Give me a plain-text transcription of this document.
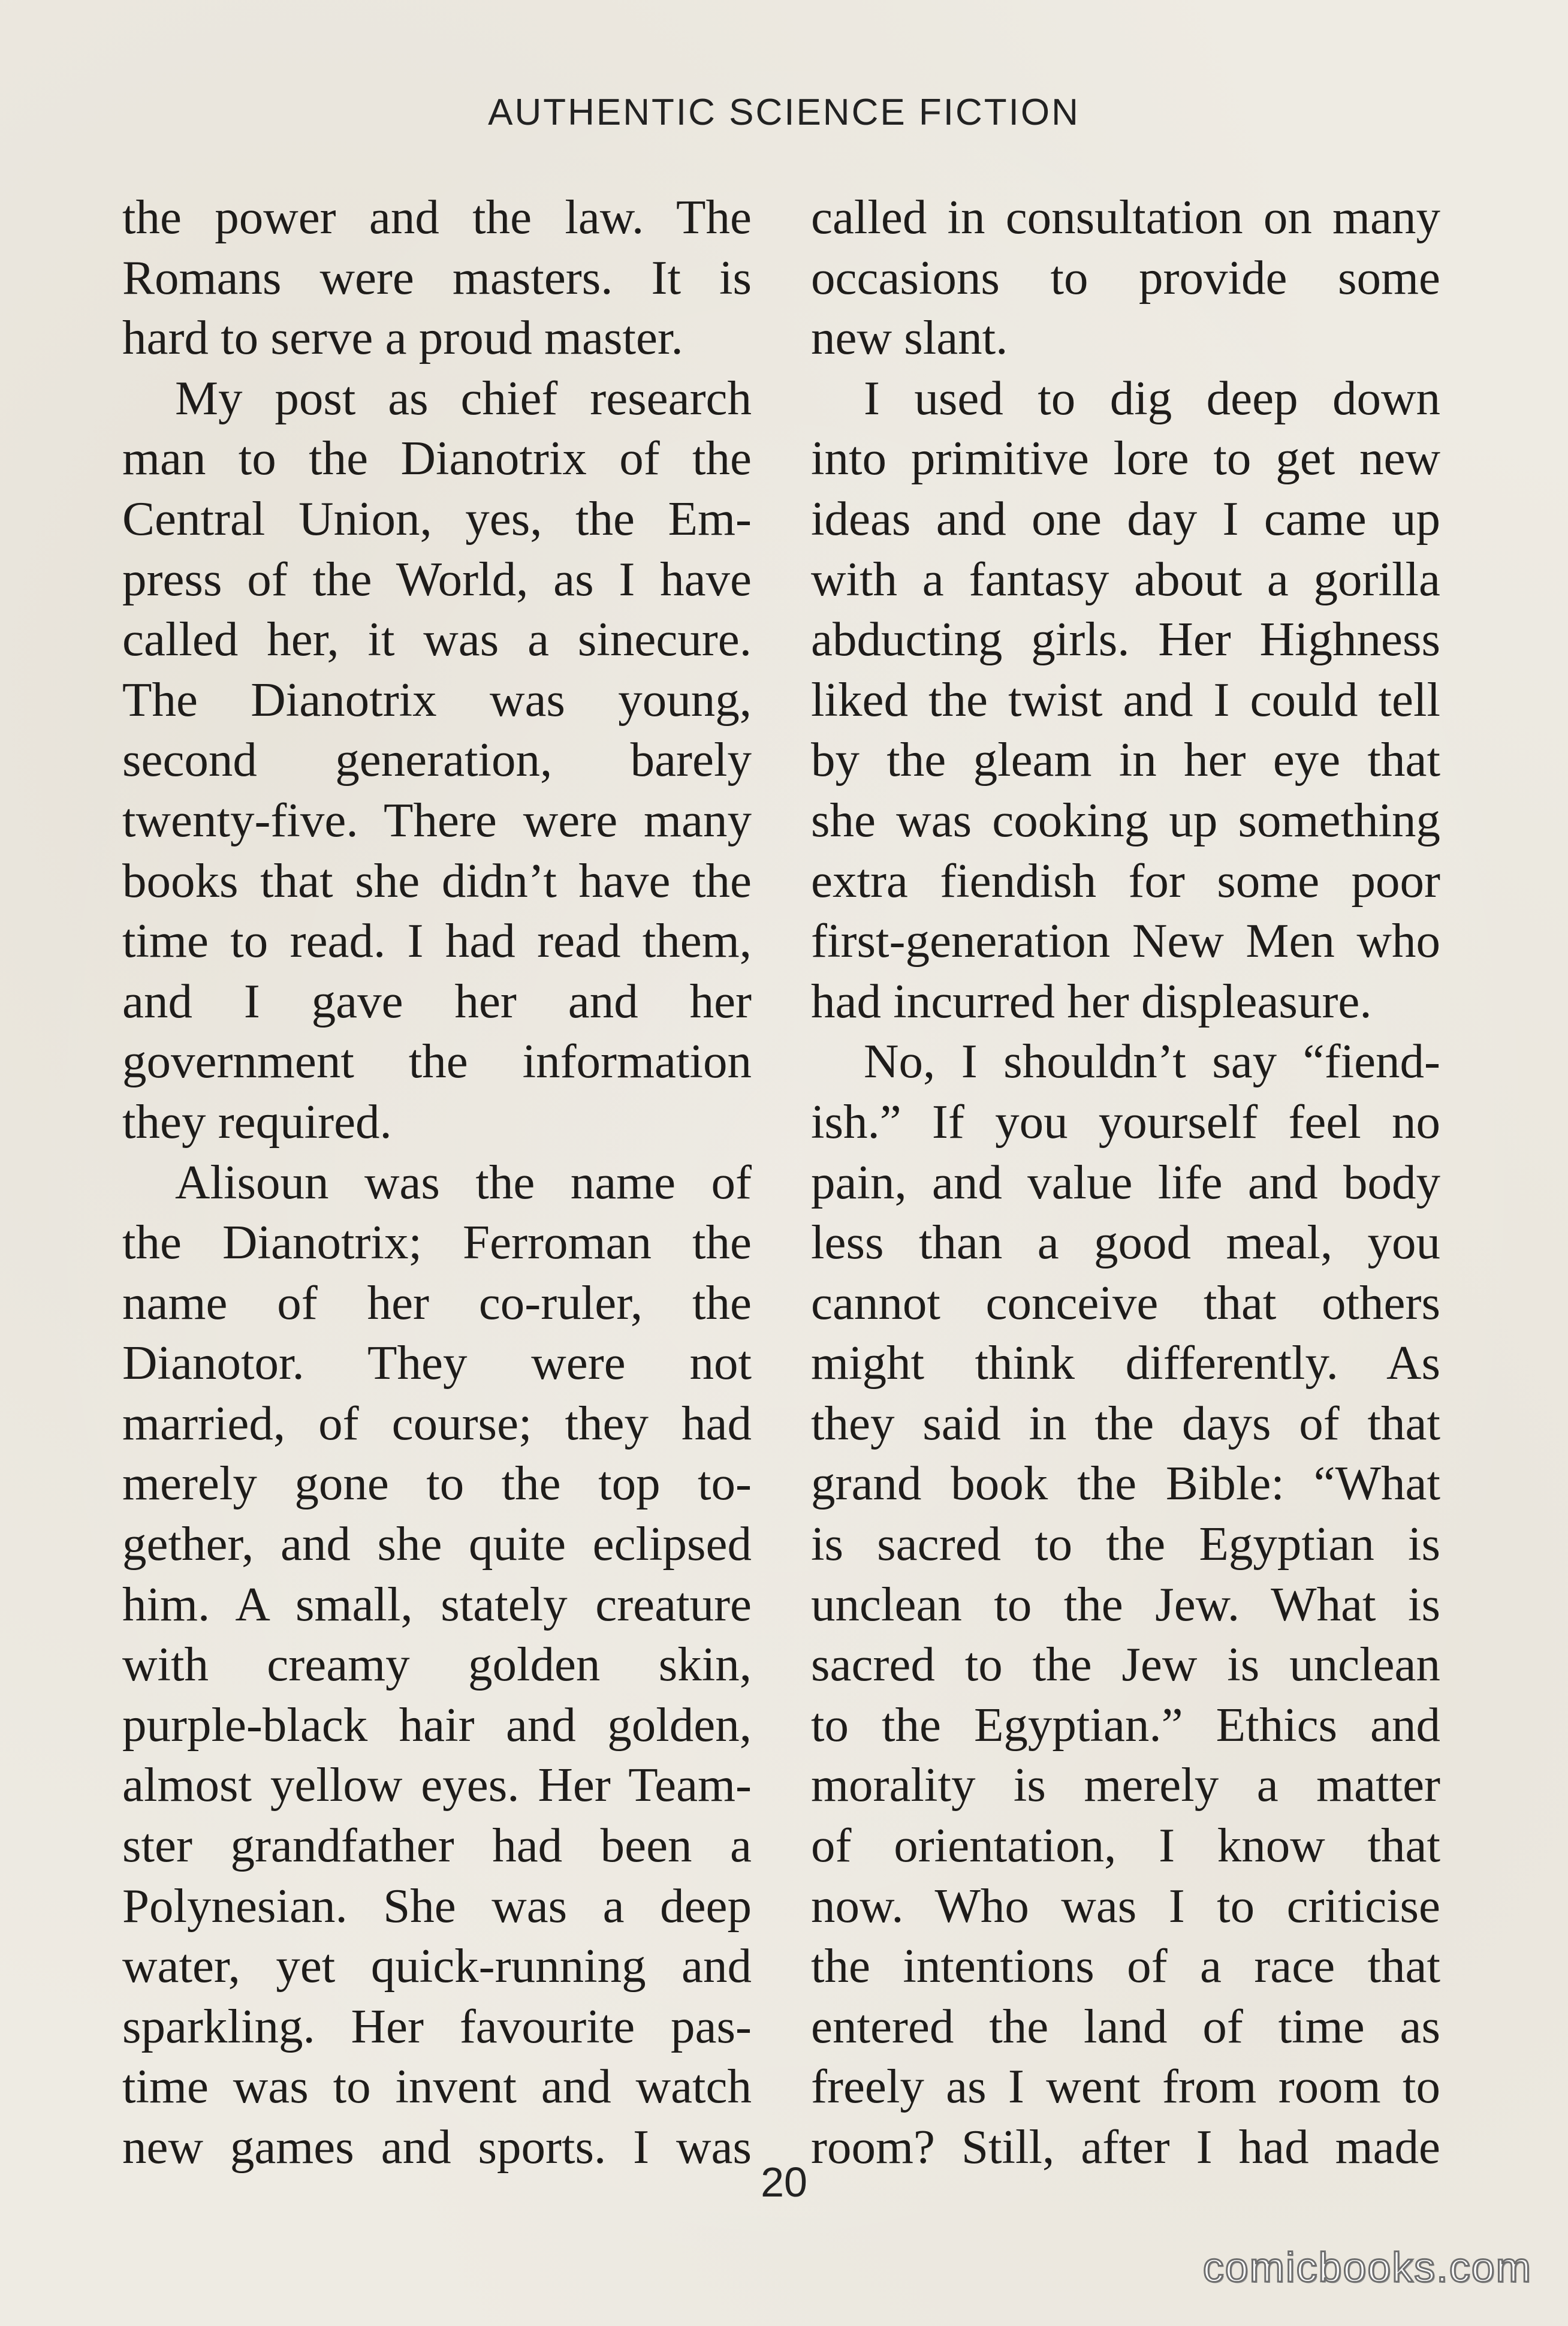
AUTHENTIC SCIENCE FICTION
the power and the law. The
Romans were masters. It is
hard to serve a proud master.
My post as chief research
man to the Dianotrix of the
Central Union, yes, the Em-
press of the World, as I have
called her, it was a sinecure.
The Dianotrix was young,
second generation, barely
twenty-five. There were many
books that she didn’t have the
time to read. I had read them,
and I gave her and her
government the information
they required.
Alisoun was the name of
the Dianotrix; Ferroman the
name of her co-ruler, the
Dianotor. They were not
married, of course; they had
merely gone to the top to-
gether, and she quite eclipsed
him. A small, stately creature
with creamy golden skin,
purple-black hair and golden,
almost yellow eyes. Her Team-
ster grandfather had been a
Polynesian. She was a deep
water, yet quick-running and
sparkling. Her favourite pas-
time was to invent and watch
new games and sports. I was
called in consultation on many
occasions to provide some
new slant.
I used to dig deep down
into primitive lore to get new
ideas and one day I came up
with a fantasy about a gorilla
abducting girls. Her Highness
liked the twist and I could tell
by the gleam in her eye that
she was cooking up something
extra fiendish for some poor
first-generation New Men who
had incurred her displeasure.
No, I shouldn’t say “fiend-
ish.” If you yourself feel no
pain, and value life and body
less than a good meal, you
cannot conceive that others
might think differently. As
they said in the days of that
grand book the Bible: “What
is sacred to the Egyptian is
unclean to the Jew. What is
sacred to the Jew is unclean
to the Egyptian.” Ethics and
morality is merely a matter
of orientation, I know that
now. Who was I to criticise
the intentions of a race that
entered the land of time as
freely as I went from room to
room? Still, after I had made
20
comicbooks.com
